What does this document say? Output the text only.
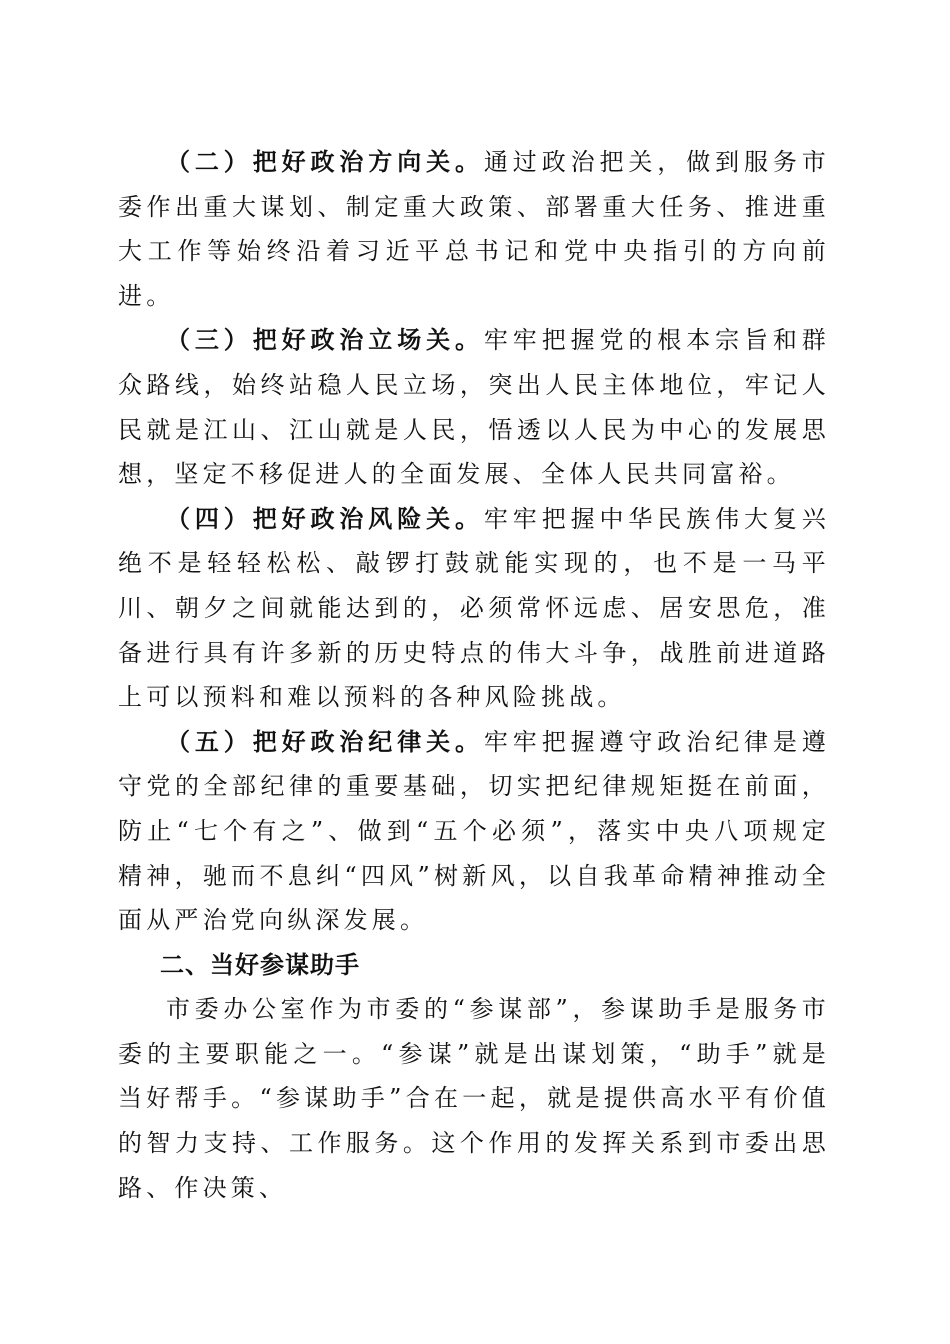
（二）把好政治方向关。通过政治把关，做到服务市委作出重大谋划、制定重大政策、部署重大任务、推进重大工作等始终沿着习近平总书记和党中央指引的方向前进。

（三）把好政治立场关。牢牢把握党的根本宗旨和群众路线，始终站稳人民立场，突出人民主体地位，牢记人民就是江山、江山就是人民，悟透以人民为中心的发展思想，坚定不移促进人的全面发展、全体人民共同富裕。

（四）把好政治风险关。牢牢把握中华民族伟大复兴绝不是轻轻松松、敲锣打鼓就能实现的，也不是一马平川、朝夕之间就能达到的，必须常怀远虑、居安思危，准备进行具有许多新的历史特点的伟大斗争，战胜前进道路上可以预料和难以预料的各种风险挑战。

（五）把好政治纪律关。牢牢把握遵守政治纪律是遵守党的全部纪律的重要基础，切实把纪律规矩挺在前面，防止“七个有之”、做到“五个必须”，落实中央八项规定精神，驰而不息纠“四风”树新风，以自我革命精神推动全面从严治党向纵深发展。

二、当好参谋助手

市委办公室作为市委的“参谋部”，参谋助手是服务市委的主要职能之一。“参谋”就是出谋划策，“助手”就是当好帮手。“参谋助手”合在一起，就是提供高水平有价值的智力支持、工作服务。这个作用的发挥关系到市委出思路、作决策、
